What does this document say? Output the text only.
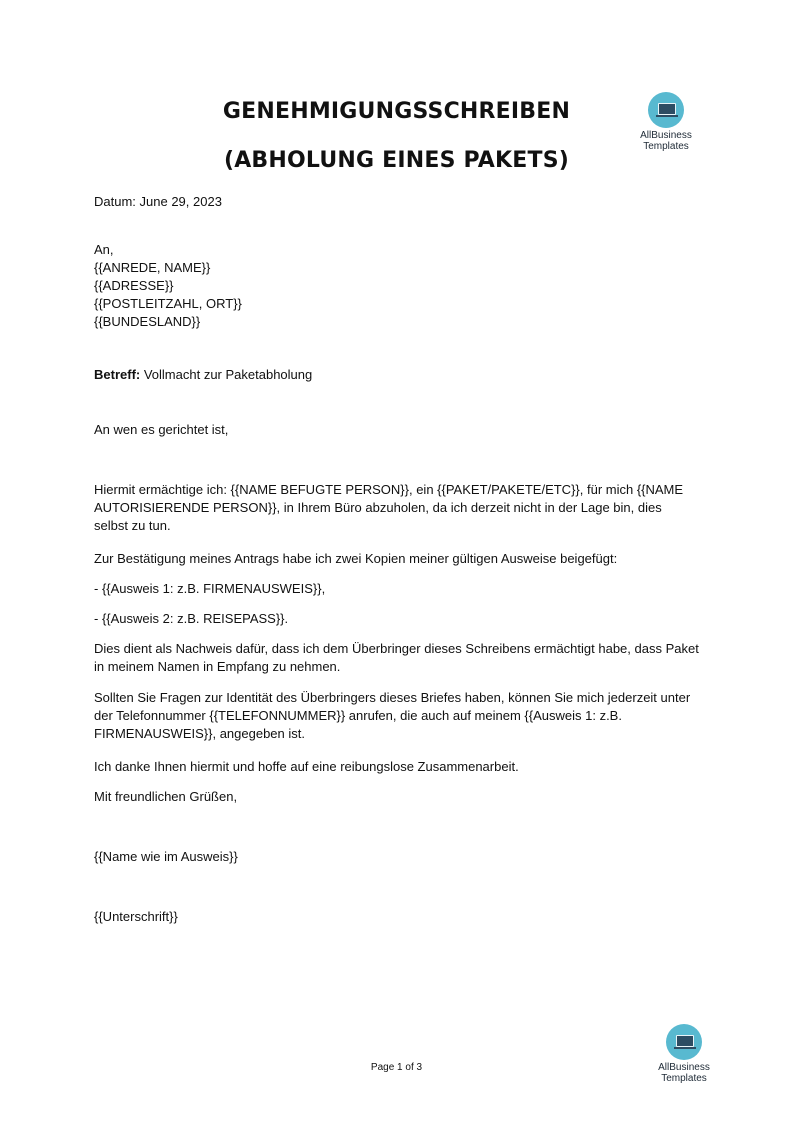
GENEHMIGUNGSSCHREIBEN
(ABHOLUNG EINES PAKETS)
AllBusiness
Templates

Datum: June 29, 2023

An,
{{ANREDE, NAME}}
{{ADRESSE}}
{{POSTLEITZAHL, ORT}}
{{BUNDESLAND}}

Betreff: Vollmacht zur Paketabholung

An wen es gerichtet ist,

Hiermit ermächtige ich: {{NAME BEFUGTE PERSON}}, ein {{PAKET/PAKETE/ETC}}, für mich {{NAME AUTORISIERENDE PERSON}}, in Ihrem Büro abzuholen, da ich derzeit nicht in der Lage bin, dies selbst zu tun.

Zur Bestätigung meines Antrags habe ich zwei Kopien meiner gültigen Ausweise beigefügt:

- {{Ausweis 1: z.B. FIRMENAUSWEIS}},

- {{Ausweis 2: z.B. REISEPASS}}.

Dies dient als Nachweis dafür, dass ich dem Überbringer dieses Schreibens ermächtigt habe, dass Paket in meinem Namen in Empfang zu nehmen.

Sollten Sie Fragen zur Identität des Überbringers dieses Briefes haben, können Sie mich jederzeit unter der Telefonnummer {{TELEFONNUMMER}} anrufen, die auch auf meinem {{Ausweis 1: z.B. FIRMENAUSWEIS}}, angegeben ist.

Ich danke Ihnen hiermit und hoffe auf eine reibungslose Zusammenarbeit.

Mit freundlichen Grüßen,

{{Name wie im Ausweis}}

{{Unterschrift}}

Page 1 of 3	AllBusiness
Templates
